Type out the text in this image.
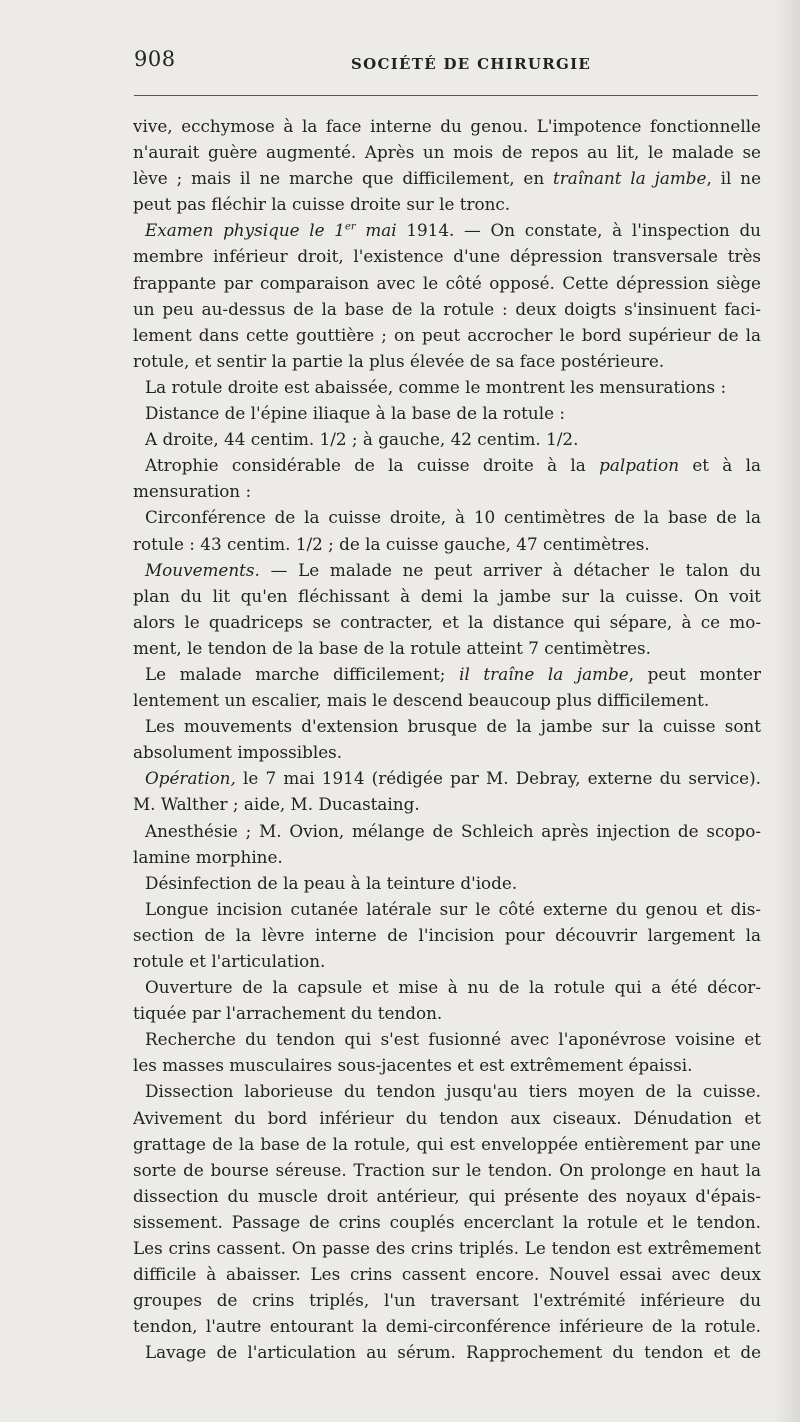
908	SOCIÉTÉ DE CHIRURGIE
vive, ecchymose à la face interne du genou. L'impotence fonctionnelle
n'aurait guère augmenté. Après un mois de repos au lit, le malade se
lève ; mais il ne marche que difficilement, en traînant la jambe, il ne
peut pas fléchir la cuisse droite sur le tronc.
Examen physique le 1er mai 1914. — On constate, à l'inspection du
membre inférieur droit, l'existence d'une dépression transversale très
frappante par comparaison avec le côté opposé. Cette dépression siège
un peu au-dessus de la base de la rotule : deux doigts s'insinuent faci-
lement dans cette gouttière ; on peut accrocher le bord supérieur de la
rotule, et sentir la partie la plus élevée de sa face postérieure.
La rotule droite est abaissée, comme le montrent les mensurations :
Distance de l'épine iliaque à la base de la rotule :
A droite, 44 centim. 1/2 ; à gauche, 42 centim. 1/2.
Atrophie considérable de la cuisse droite à la palpation et à la
mensuration :
Circonférence de la cuisse droite, à 10 centimètres de la base de la
rotule : 43 centim. 1/2 ; de la cuisse gauche, 47 centimètres.
Mouvements. — Le malade ne peut arriver à détacher le talon du
plan du lit qu'en fléchissant à demi la jambe sur la cuisse. On voit
alors le quadriceps se contracter, et la distance qui sépare, à ce mo-
ment, le tendon de la base de la rotule atteint 7 centimètres.
Le malade marche difficilement; il traîne la jambe, peut monter
lentement un escalier, mais le descend beaucoup plus difficilement.
Les mouvements d'extension brusque de la jambe sur la cuisse sont
absolument impossibles.
Opération, le 7 mai 1914 (rédigée par M. Debray, externe du service).
M. Walther ; aide, M. Ducastaing.
Anesthésie ; M. Ovion, mélange de Schleich après injection de scopo-
lamine morphine.
Désinfection de la peau à la teinture d'iode.
Longue incision cutanée latérale sur le côté externe du genou et dis-
section de la lèvre interne de l'incision pour découvrir largement la
rotule et l'articulation.
Ouverture de la capsule et mise à nu de la rotule qui a été décor-
tiquée par l'arrachement du tendon.
Recherche du tendon qui s'est fusionné avec l'aponévrose voisine et
les masses musculaires sous-jacentes et est extrêmement épaissi.
Dissection laborieuse du tendon jusqu'au tiers moyen de la cuisse.
Avivement du bord inférieur du tendon aux ciseaux. Dénudation et
grattage de la base de la rotule, qui est enveloppée entièrement par une
sorte de bourse séreuse. Traction sur le tendon. On prolonge en haut la
dissection du muscle droit antérieur, qui présente des noyaux d'épais-
sissement. Passage de crins couplés encerclant la rotule et le tendon.
Les crins cassent. On passe des crins triplés. Le tendon est extrêmement
difficile à abaisser. Les crins cassent encore. Nouvel essai avec deux
groupes de crins triplés, l'un traversant l'extrémité inférieure du
tendon, l'autre entourant la demi-circonférence inférieure de la rotule.
Lavage de l'articulation au sérum. Rapprochement du tendon et de
